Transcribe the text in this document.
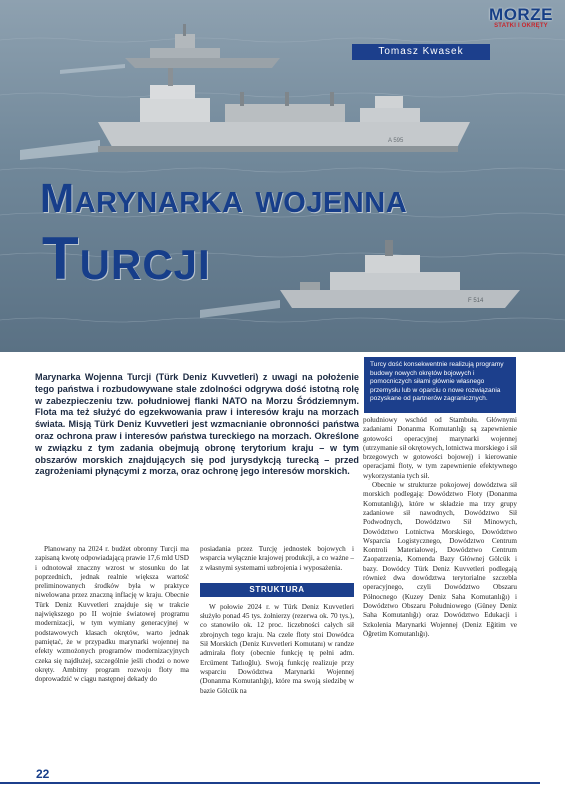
A 595
F 514
MORZE
STATKI I OKRĘTY
Tomasz Kwasek
Marynarka wojenna
Turcji
Turcy dość konsekwentnie realizują programy budowy nowych okrętów bojowych i pomocniczych siłami głównie własnego przemysłu lub w oparciu o nowe rozwiązania pozyskane od partnerów zagranicznych.
Marynarka Wojenna Turcji (Türk Deniz Kuvvetleri) z uwagi na położenie tego państwa i rozbudowywane stale zdolności odgrywa dość istotną rolę w zabezpieczeniu tzw. południowej flanki NATO na Morzu Śródziemnym. Flota ma też służyć do egzekwowania praw i interesów kraju na morzach świata. Misją Türk Deniz Kuvvetleri jest wzmacnianie obronności państwa oraz ochrona praw i interesów państwa tureckiego na morzach. Określone w związku z tym zadania obejmują obronę terytorium kraju – w tym obszarów morskich znajdujących się pod jurysdykcją turecką – przed zagrożeniami płynącymi z morza, oraz ochronę jego interesów morskich.

Planowany na 2024 r. budżet obronny Turcji ma zapisaną kwotę odpowiadającą prawie 17,6 mld USD i odnotował znaczny wzrost w stosunku do lat poprzednich, jednak realnie większa wartość preliminowanych środków była w praktyce niwelowana przez znaczną inflację w kraju. Obecnie Türk Deniz Kuvvetleri znajduje się w trakcie największego po II wojnie światowej programu modernizacji, w tym wymiany generacyjnej w podstawowych klasach okrętów, warto jednak pamiętać, że w przypadku marynarki wojennej na efekty wzmożonych programów modernizacyjnych czeka się najdłużej, szczególnie jeśli chodzi o nowe okręty. Ambitny program rozwoju floty ma doprowadzić w ciągu następnej dekady do

posiadania przez Turcję jednostek bojowych i wsparcia wyłącznie krajowej produkcji, a co ważne – z własnymi systemami uzbrojenia i wyposażenia.

STRUKTURA

W połowie 2024 r. w Türk Deniz Kuvvetleri służyło ponad 45 tys. żołnierzy (rezerwa ok. 70 tys.), co stanowiło ok. 12 proc. liczebności całych sił zbrojnych tego kraju. Na czele floty stoi Dowódca Sił Morskich (Deniz Kuvvetleri Komutanı) w randze admirała floty (obecnie funkcję tę pełni adm. Ercüment Tatlıoğlu). Swoją funkcję realizuje przy wsparciu Dowództwa Marynarki Wojennej (Donanma Komutanlığı), które ma swoją siedzibę w bazie Gölcük na

południowy wschód od Stambułu. Głównymi zadaniami Donanma Komutanlığı są zapewnienie gotowości operacyjnej marynarki wojennej (utrzymanie sił okrętowych, lotnictwa morskiego i sił brzegowych w gotowości bojowej) i kierowanie operacjami floty, w tym zapewnienie efektywnego wykorzystania tych sił.

Obecnie w strukturze pokojowej dowództwa sił morskich podlegają: Dowództwo Floty (Donanma Komutanlığı), które w składzie ma trzy grupy zadaniowe sił nawodnych, Dowództwo Sił Podwodnych, Dowództwo Sił Minowych, Dowództwo Lotnictwa Morskiego, Dowództwo Wsparcia Logistycznego, Dowództwo Centrum Kontroli Materiałowej, Dowództwo Centrum Zaopatrzenia, Komenda Bazy Głównej Gölcük i bazy. Dowódcy Türk Deniz Kuvvetleri podlegają również dwa dowództwa terytorialne szczebla operacyjnego, czyli Dowództwo Obszaru Północnego (Kuzey Deniz Saha Komutanlığı) i Dowództwo Obszaru Południowego (Güney Deniz Saha Komutanlığı) oraz Dowództwo Edukacji i Szkolenia Marynarki Wojennej (Deniz Eğitim ve Öğretim Komutanlığı).

22
